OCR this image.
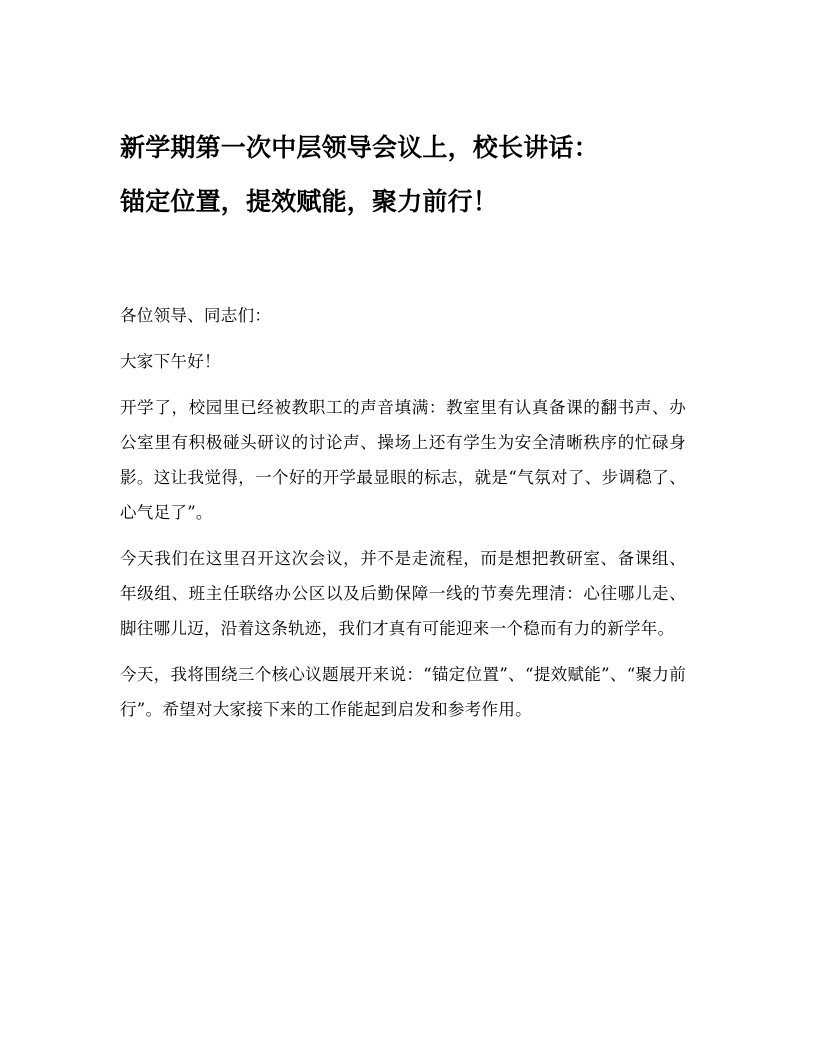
新学期第一次中层领导会议上，校长讲话：
锚定位置，提效赋能，聚力前行！

各位领导、同志们：

大家下午好！

开学了，校园里已经被教职工的声音填满：教室里有认真备课的翻书声、办公室里有积极碰头研议的讨论声、操场上还有学生为安全清晰秩序的忙碌身影。这让我觉得，一个好的开学最显眼的标志，就是“气氛对了、步调稳了、心气足了”。

今天我们在这里召开这次会议，并不是走流程，而是想把教研室、备课组、年级组、班主任联络办公区以及后勤保障一线的节奏先理清：心往哪儿走、脚往哪儿迈，沿着这条轨迹，我们才真有可能迎来一个稳而有力的新学年。

今天，我将围绕三个核心议题展开来说：“锚定位置”、“提效赋能”、“聚力前行”。希望对大家接下来的工作能起到启发和参考作用。
